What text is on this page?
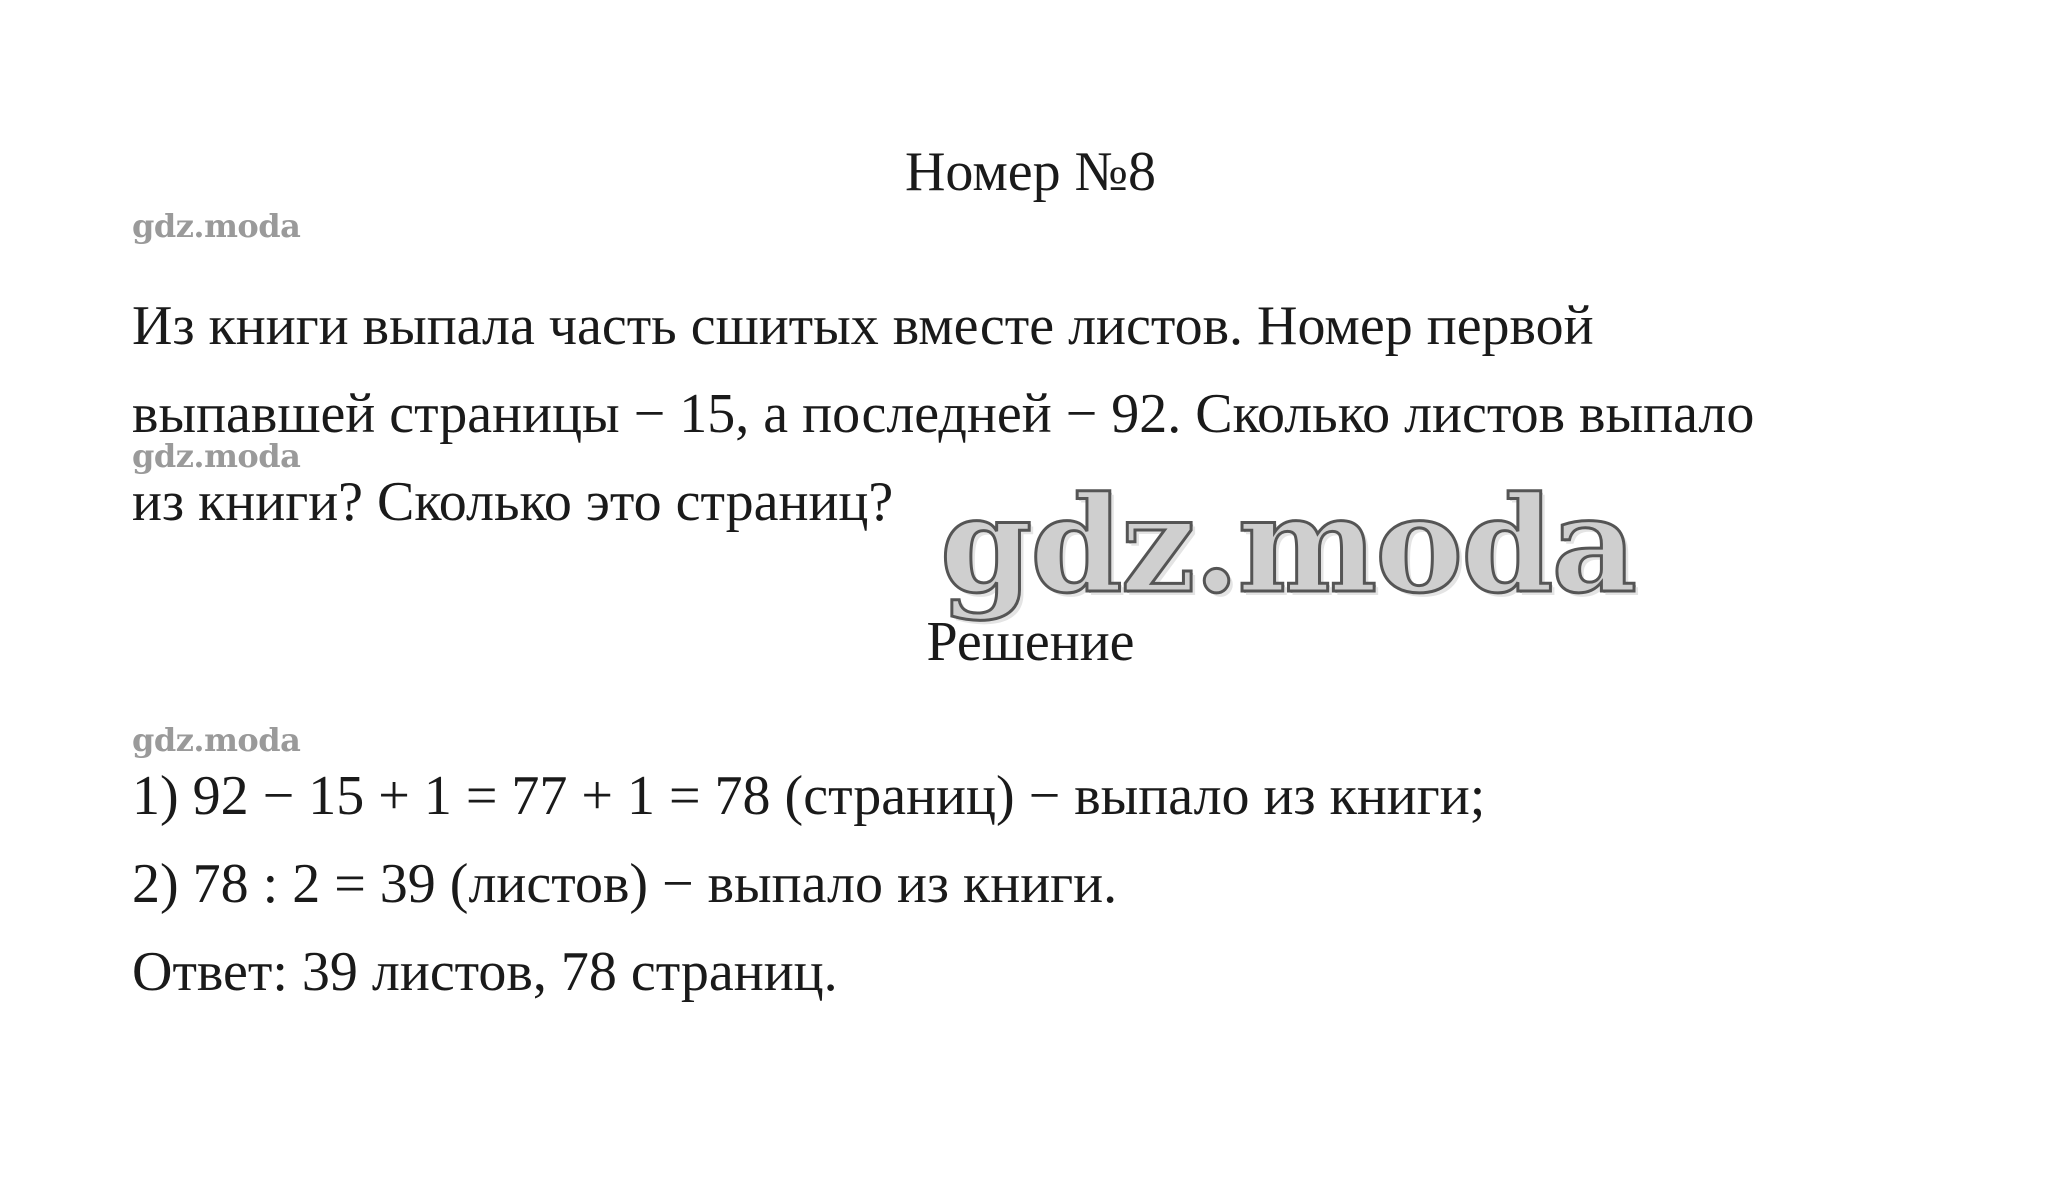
Номер №8
gdz.moda
Из книги выпала часть сшитых вместе листов. Номер первой
выпавшей страницы − 15, а последней − 92. Сколько листов выпало
из книги? Сколько это страниц?
gdz.moda
gdz.moda
Решение
gdz.moda
1) 92 − 15 + 1 = 77 + 1 = 78 (страниц) − выпало из книги;
2) 78 : 2 = 39 (листов) − выпало из книги.
Ответ: 39 листов, 78 страниц.
